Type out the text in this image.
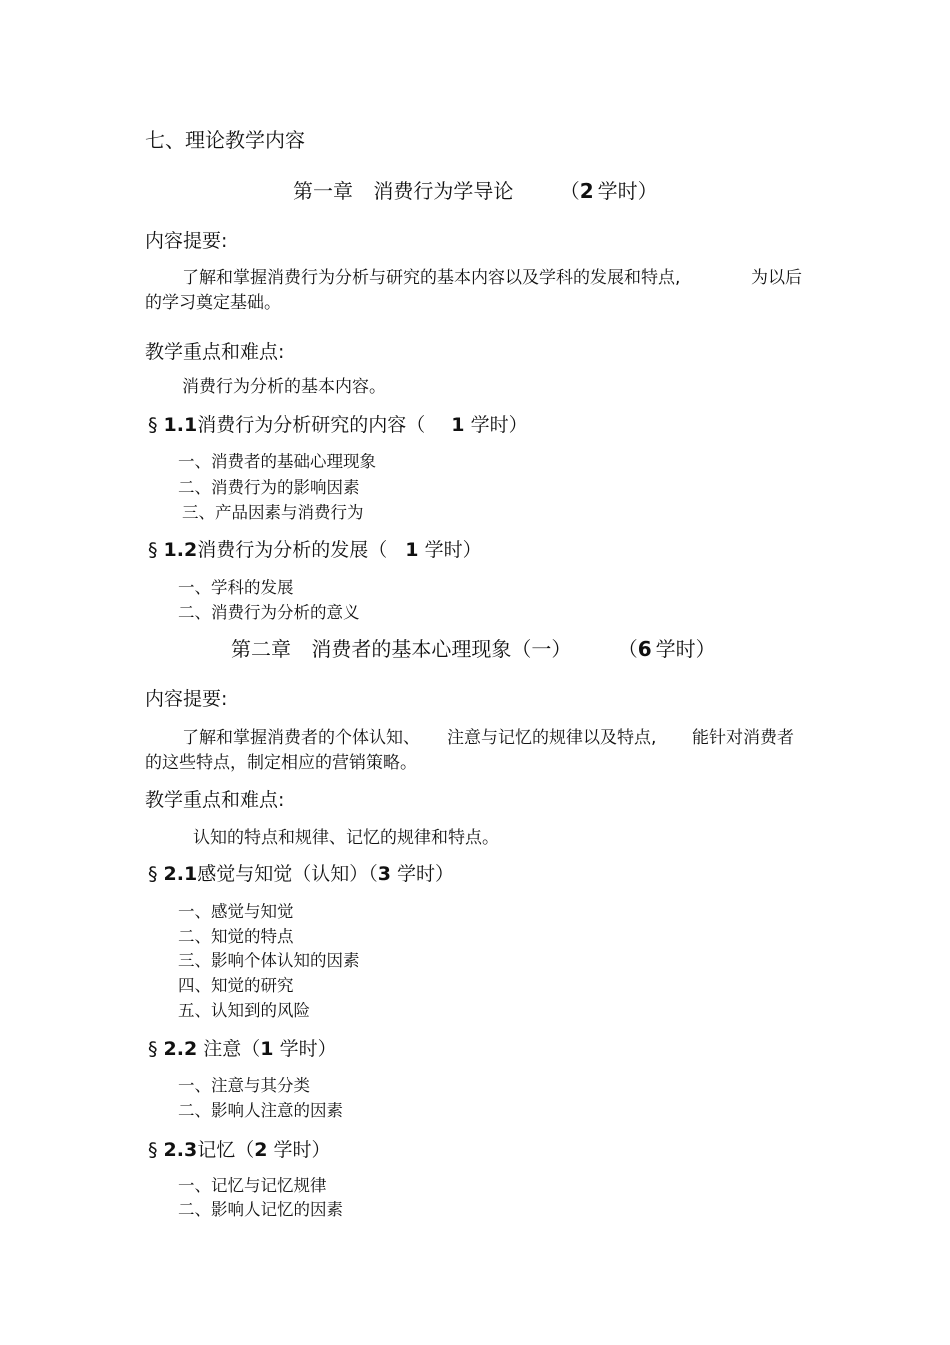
七、理论教学内容
第一章 消费行为学导论 （2 学时）
内容提要:
了解和掌握消费行为分析与研究的基本内容以及学科的发展和特点,	为以后
的学习奠定基础。
教学重点和难点:
消费行为分析的基本内容。
§ 1.1消费行为分析研究的内容（ 1 学时）
一、消费者的基础心理现象
二、消费行为的影响因素
三、产品因素与消费行为
§ 1.2消费行为分析的发展（ 1 学时）
一、学科的发展
二、消费行为分析的意义
第二章 消费者的基本心理现象（一） （6 学时）
内容提要:
了解和掌握消费者的个体认知、 注意与记忆的规律以及特点, 能针对消费者
的这些特点，制定相应的营销策略。
教学重点和难点:
认知的特点和规律、记忆的规律和特点。
§ 2.1感觉与知觉（认知）（3 学时）
一、感觉与知觉
二、知觉的特点
三、影响个体认知的因素
四、知觉的研究
五、认知到的风险
§ 2.2 注意（1 学时）
一、注意与其分类
二、影响人注意的因素
§ 2.3记忆（2 学时）
一、记忆与记忆规律
二、影响人记忆的因素
